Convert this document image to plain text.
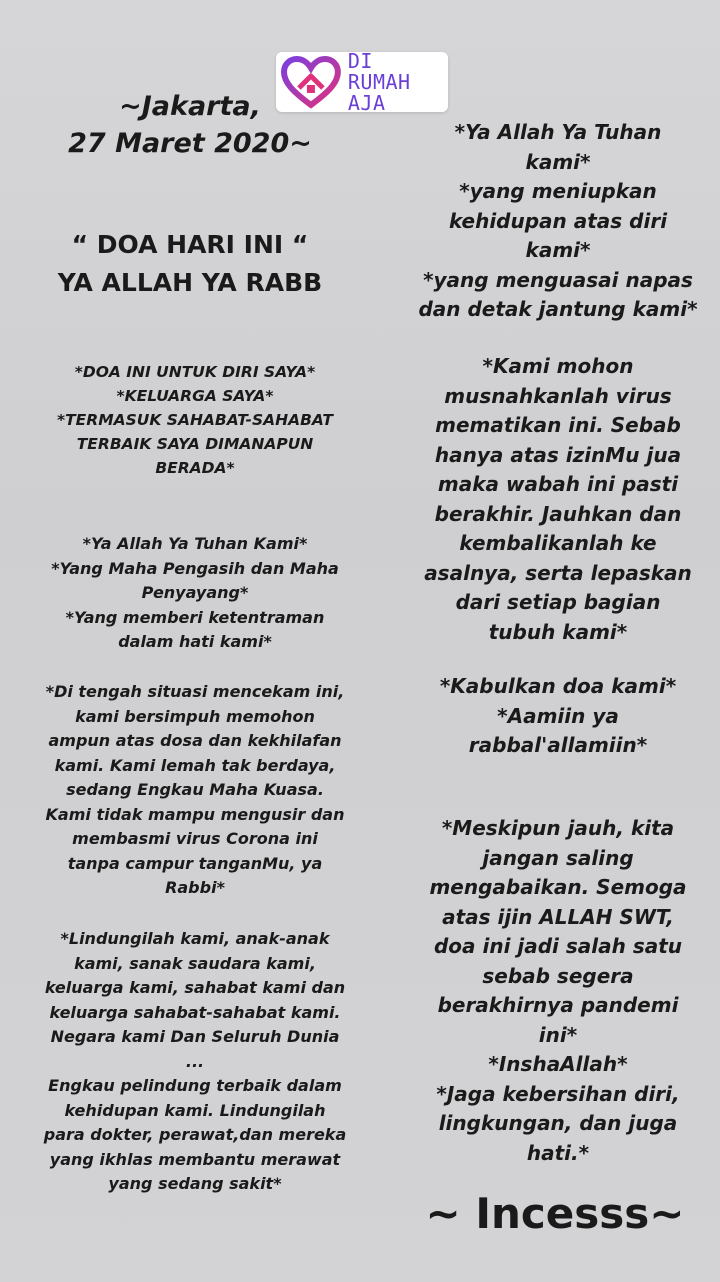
DI RUMAH
AJA
~Jakarta,
27 Maret 2020~
“ DOA HARI INI “
YA ALLAH YA RABB
*DOA INI UNTUK DIRI SAYA*
*KELUARGA SAYA*
*TERMASUK SAHABAT-SAHABAT
TERBAIK SAYA DIMANAPUN
BERADA*
*Ya Allah Ya Tuhan Kami*
*Yang Maha Pengasih dan Maha
Penyayang*
*Yang memberi ketentraman
dalam hati kami*
*Di tengah situasi mencekam ini,
kami bersimpuh memohon
ampun atas dosa dan kekhilafan
kami. Kami lemah tak berdaya,
sedang Engkau Maha Kuasa.
Kami tidak mampu mengusir dan
membasmi virus Corona ini
tanpa campur tanganMu, ya
Rabbi*
*Lindungilah kami, anak-anak
kami, sanak saudara kami,
keluarga kami, sahabat kami dan
keluarga sahabat-sahabat kami.
Negara kami Dan Seluruh Dunia
...
Engkau pelindung terbaik dalam
kehidupan kami. Lindungilah
para dokter, perawat,dan mereka
yang ikhlas membantu merawat
yang sedang sakit*
*Ya Allah Ya Tuhan
kami*
*yang meniupkan
kehidupan atas diri
kami*
*yang menguasai napas
dan detak jantung kami*
*Kami mohon
musnahkanlah virus
mematikan ini. Sebab
hanya atas izinMu jua
maka wabah ini pasti
berakhir. Jauhkan dan
kembalikanlah ke
asalnya, serta lepaskan
dari setiap bagian
tubuh kami*
*Kabulkan doa kami*
*Aamiin ya
rabbal'allamiin*
*Meskipun jauh, kita
jangan saling
mengabaikan. Semoga
atas ijin ALLAH SWT,
doa ini jadi salah satu
sebab segera
berakhirnya pandemi
ini*
*InshaAllah*
*Jaga kebersihan diri,
lingkungan, dan juga
hati.*
~ Incesss~
